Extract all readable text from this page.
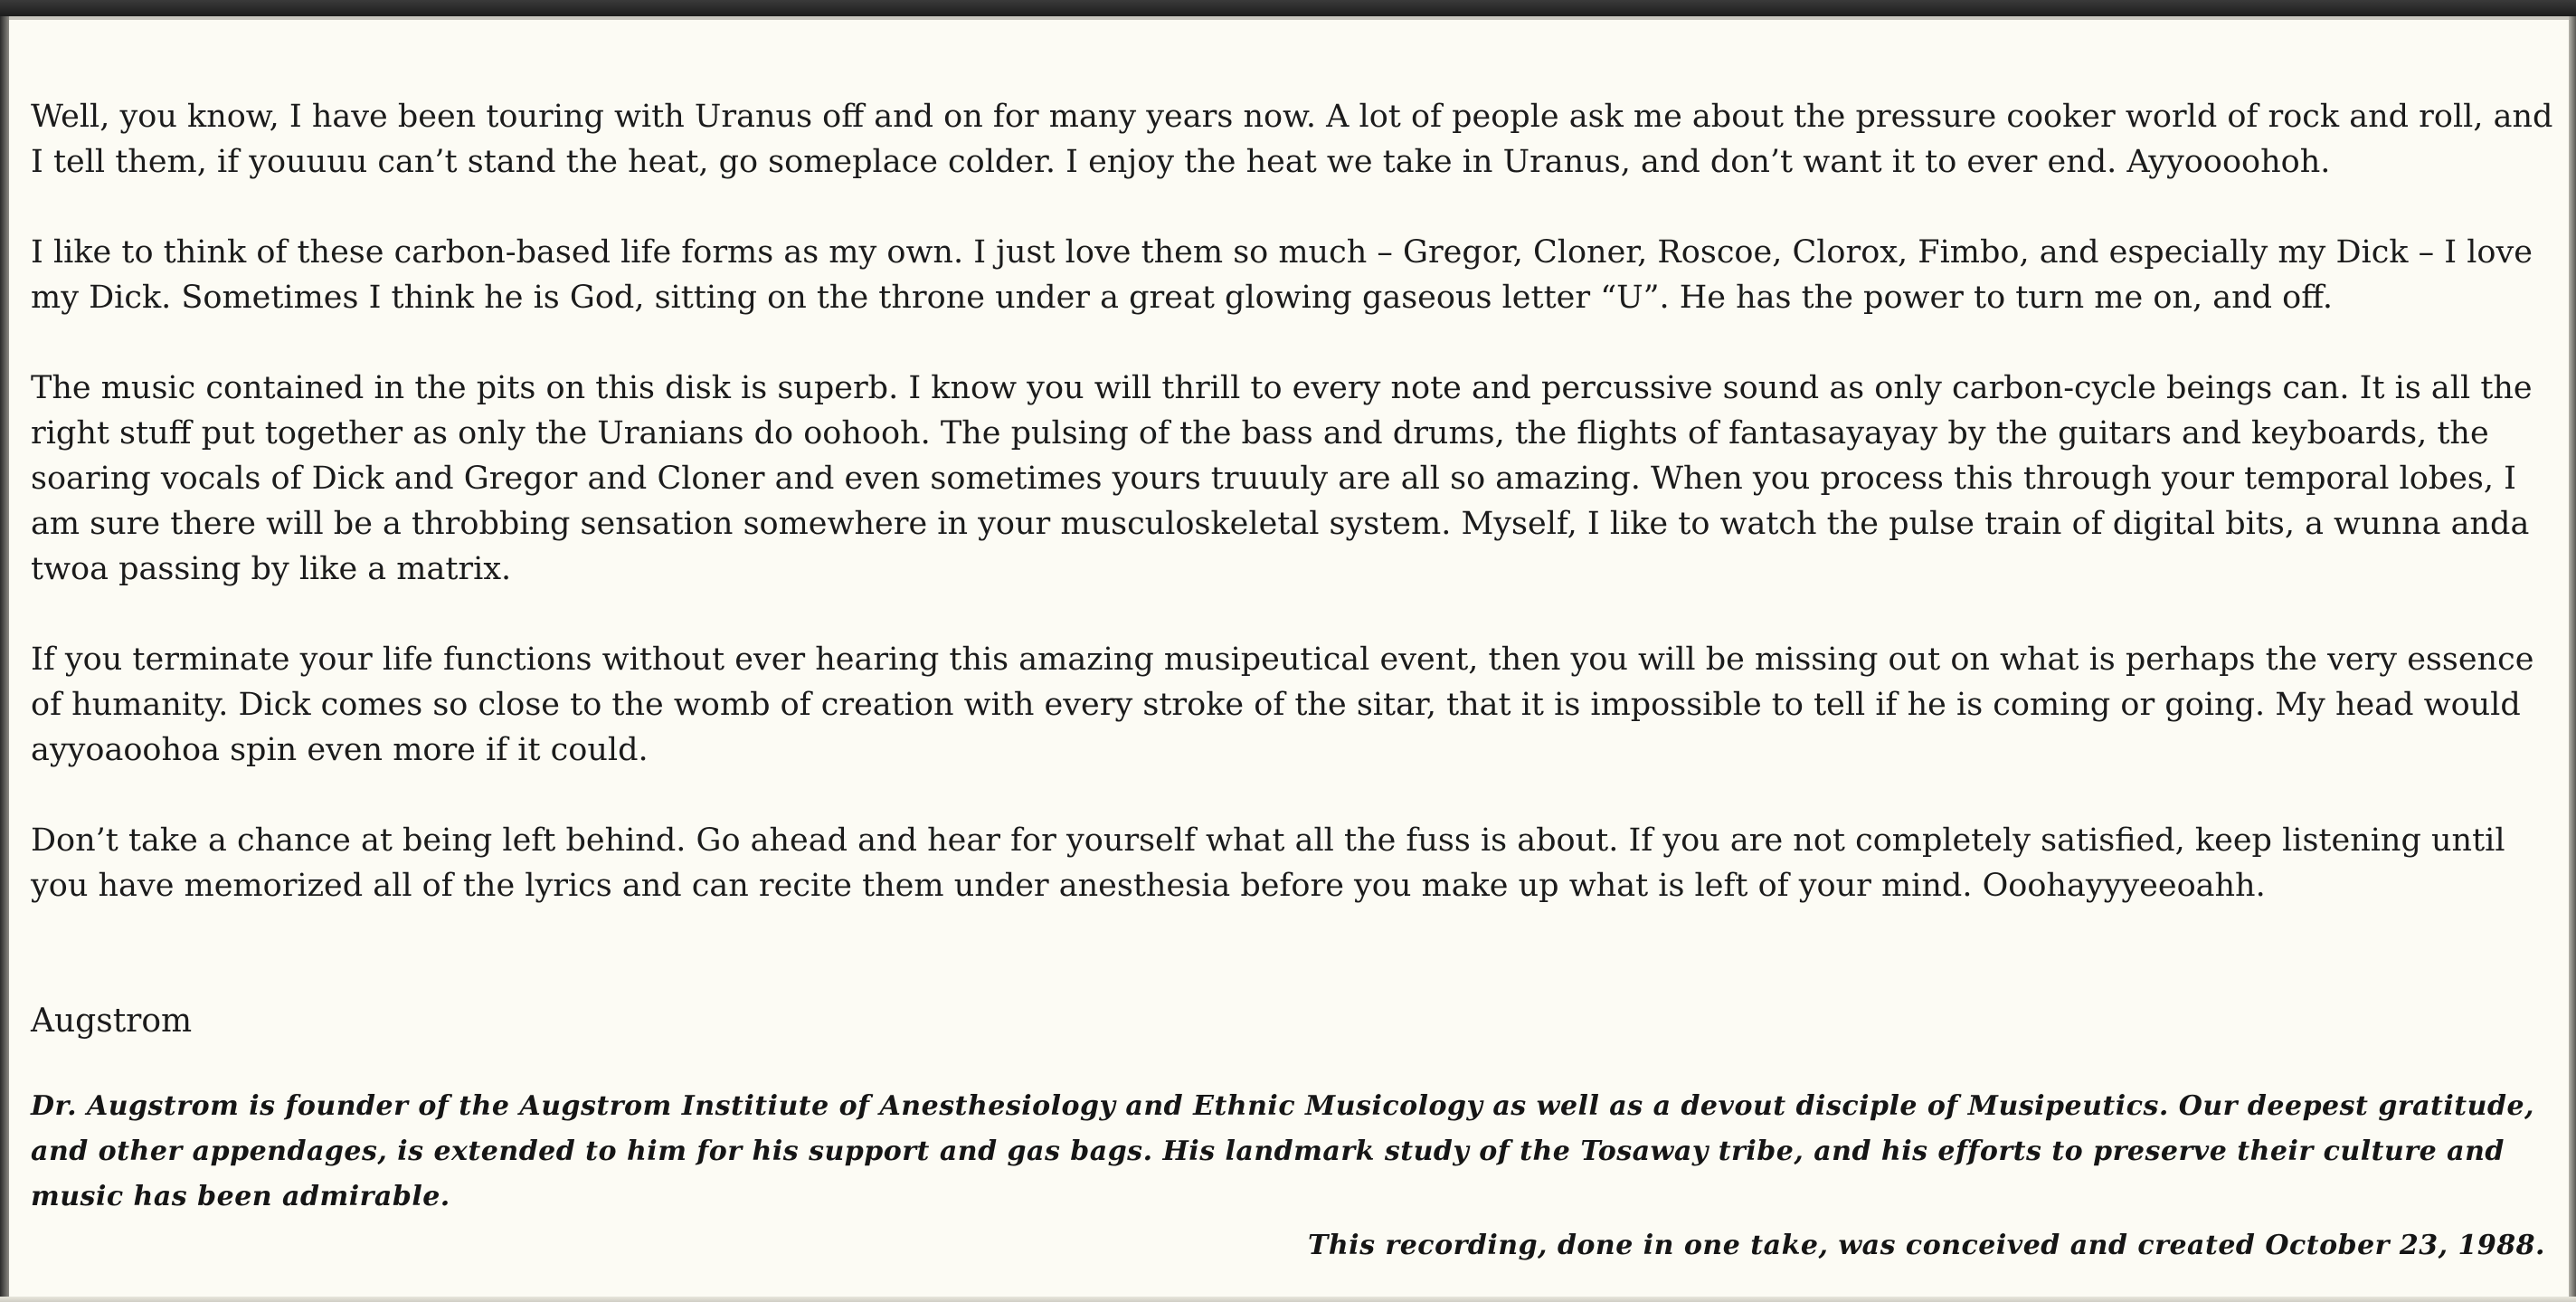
Well, you know, I have been touring with Uranus off and on for many years now. A lot of people ask me about the pressure cooker world of rock and roll, and I tell them, if youuuu can’t stand the heat, go someplace colder. I enjoy the heat we take in Uranus, and don’t want it to ever end. Ayyoooohoh.

I like to think of these carbon-based life forms as my own. I just love them so much – Gregor, Cloner, Roscoe, Clorox, Fimbo, and especially my Dick – I love my Dick. Sometimes I think he is God, sitting on the throne under a great glowing gaseous letter “U”. He has the power to turn me on, and off.

The music contained in the pits on this disk is superb. I know you will thrill to every note and percussive sound as only carbon-cycle beings can. It is all the right stuff put together as only the Uranians do oohooh. The pulsing of the bass and drums, the flights of fantasayayay by the guitars and keyboards, the soaring vocals of Dick and Gregor and Cloner and even sometimes yours truuuly are all so amazing. When you process this through your temporal lobes, I am sure there will be a throbbing sensation somewhere in your musculoskeletal system. Myself, I like to watch the pulse train of digital bits, a wunna anda twoa passing by like a matrix.

If you terminate your life functions without ever hearing this amazing musipeutical event, then you will be missing out on what is perhaps the very essence of humanity. Dick comes so close to the womb of creation with every stroke of the sitar, that it is impossible to tell if he is coming or going. My head would ayyoaoohoa spin even more if it could.

Don’t take a chance at being left behind. Go ahead and hear for yourself what all the fuss is about. If you are not completely satisfied, keep listening until you have memorized all of the lyrics and can recite them under anesthesia before you make up what is left of your mind. Ooohayyyeeoahh.

Augstrom

Dr. Augstrom is founder of the Augstrom Institiute of Anesthesiology and Ethnic Musicology as well as a devout disciple of Musipeutics. Our deepest gratitude, and other appendages, is extended to him for his support and gas bags. His landmark study of the Tosaway tribe, and his efforts to preserve their culture and music has been admirable.

This recording, done in one take, was conceived and created October 23, 1988.
